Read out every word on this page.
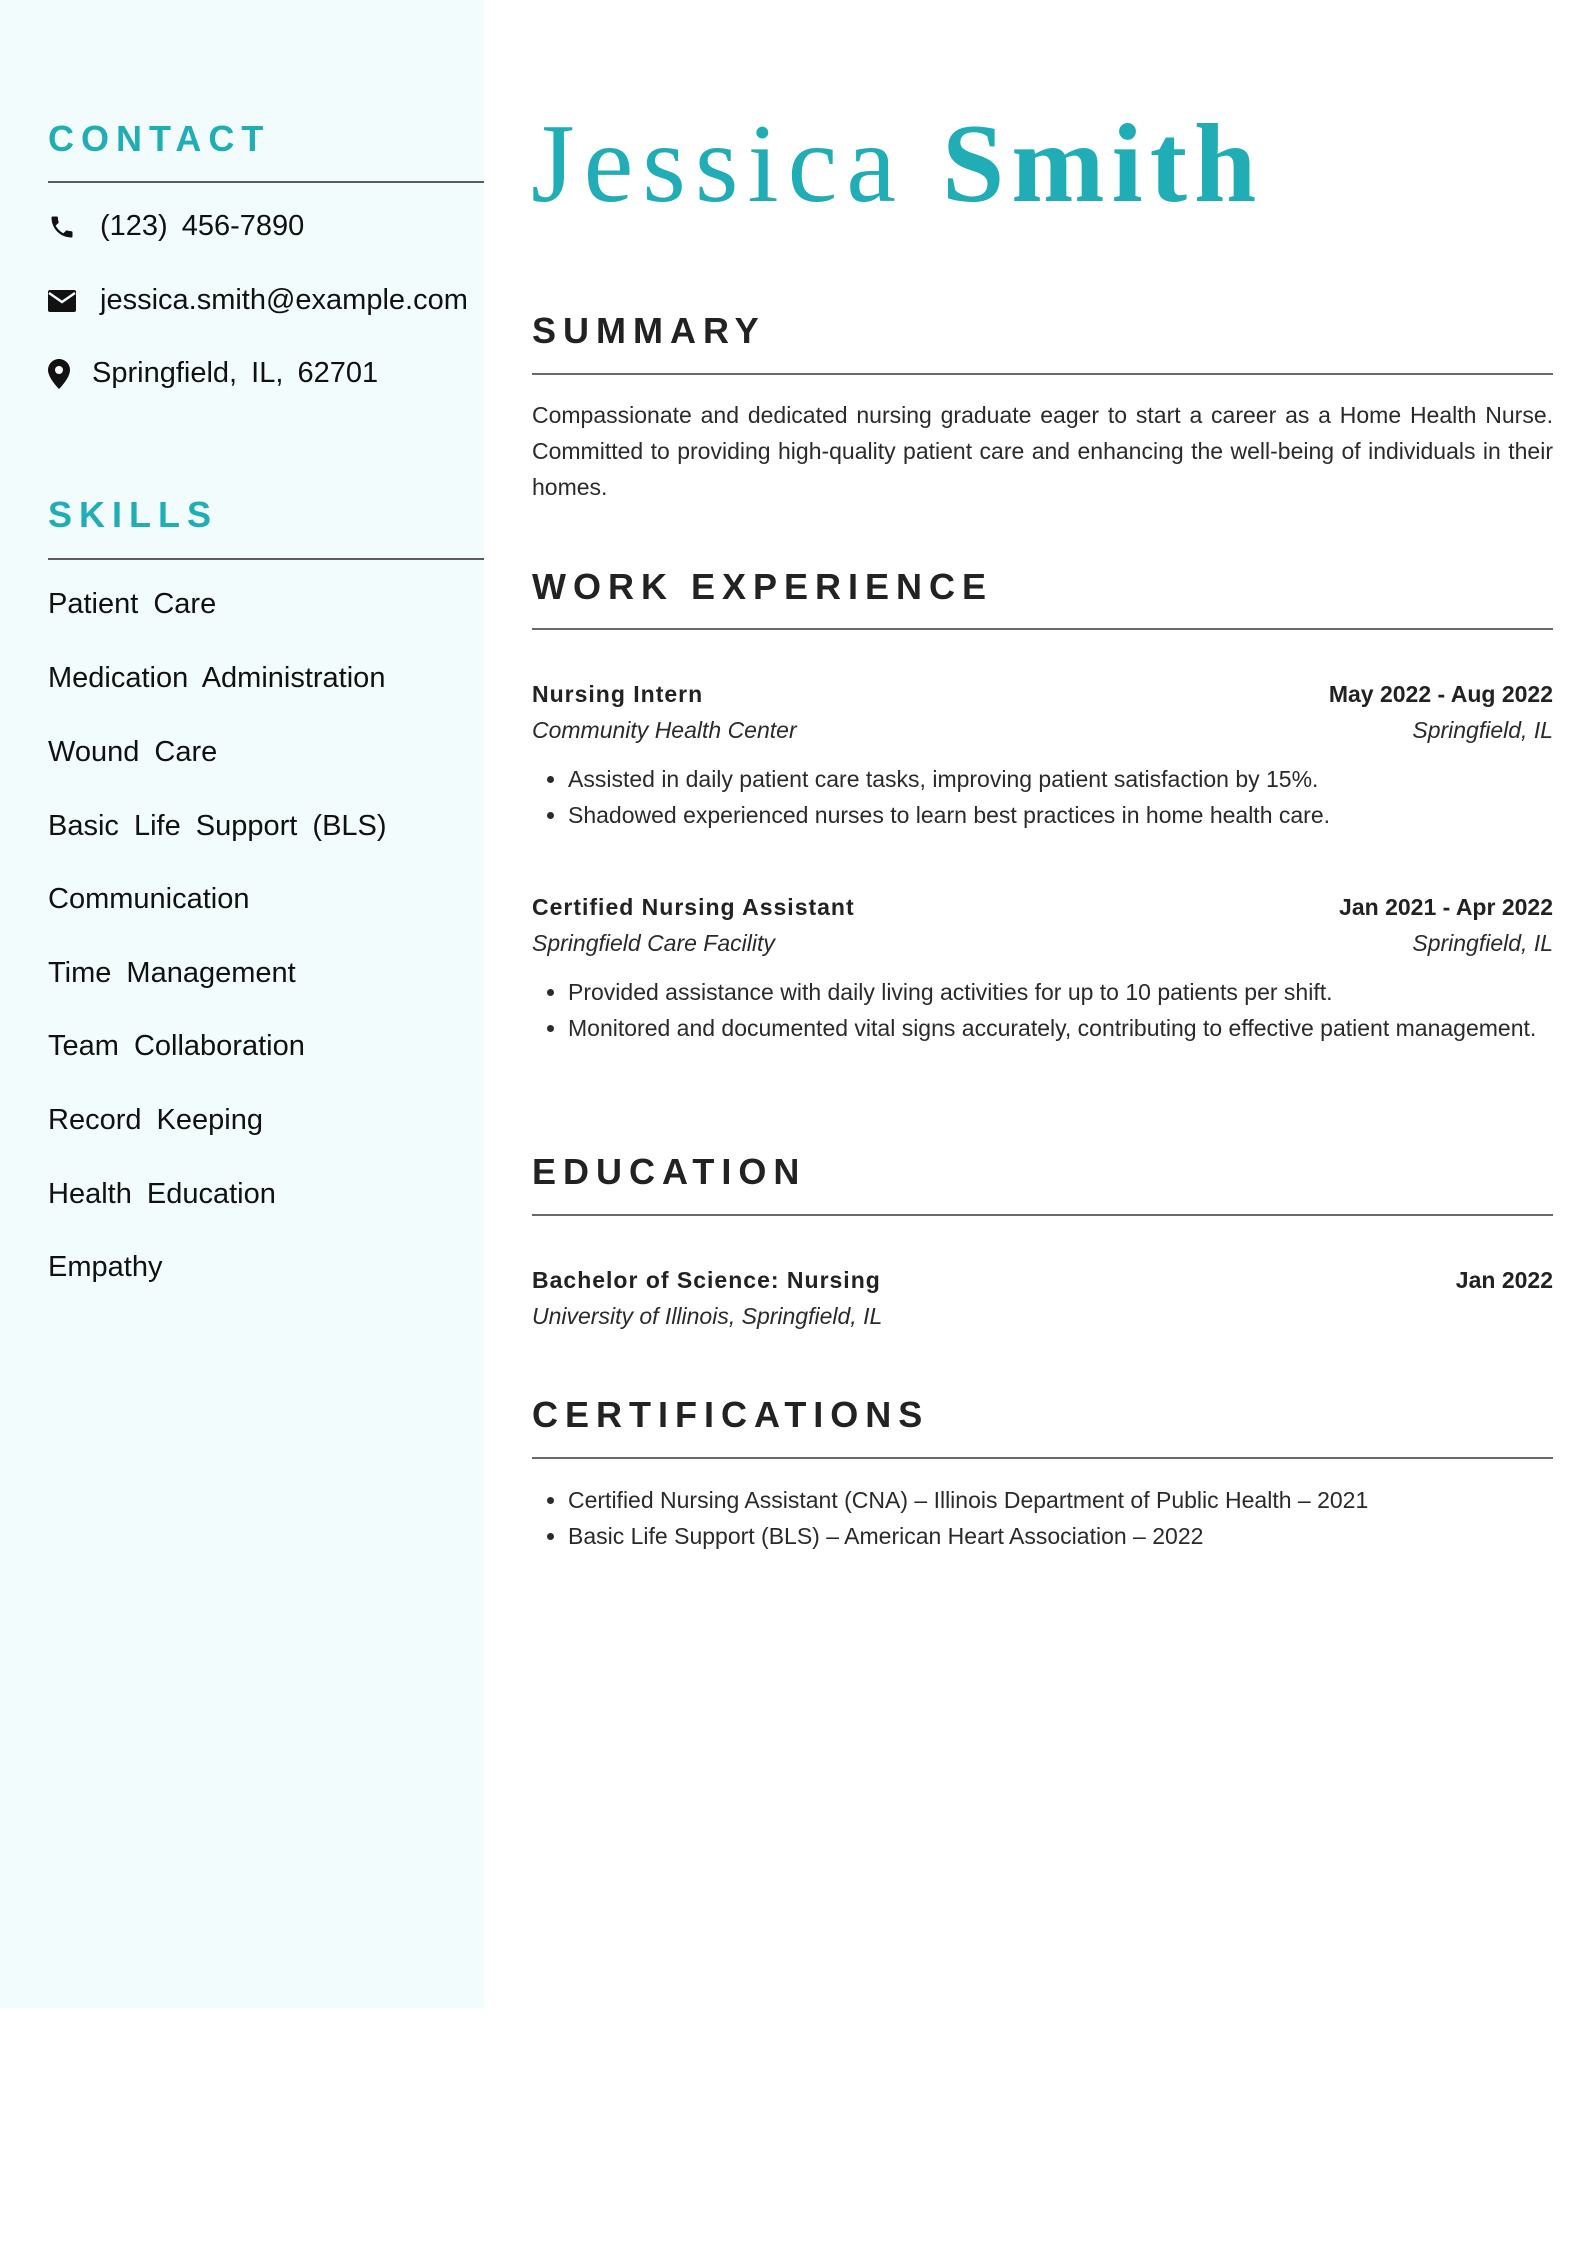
CONTACT
(123) 456-7890
jessica.smith@example.com
Springfield, IL, 62701
SKILLS
Patient Care
Medication Administration
Wound Care
Basic Life Support (BLS)
Communication
Time Management
Team Collaboration
Record Keeping
Health Education
Empathy
Jessica Smith
SUMMARY

Compassionate and dedicated nursing graduate eager to start a career as a Home Health Nurse. Committed to providing high-quality patient care and enhancing the well-being of individuals in their homes.

WORK EXPERIENCE
Nursing Intern	May 2022 - Aug 2022
Community Health Center	Springfield, IL
• Assisted in daily patient care tasks, improving patient satisfaction by 15%.
• Shadowed experienced nurses to learn best practices in home health care.
Certified Nursing Assistant	Jan 2021 - Apr 2022
Springfield Care Facility	Springfield, IL
• Provided assistance with daily living activities for up to 10 patients per shift.
• Monitored and documented vital signs accurately, contributing to effective patient management.
EDUCATION
Bachelor of Science: Nursing	Jan 2022
University of Illinois, Springfield, IL
CERTIFICATIONS
• Certified Nursing Assistant (CNA) – Illinois Department of Public Health – 2021
• Basic Life Support (BLS) – American Heart Association – 2022
